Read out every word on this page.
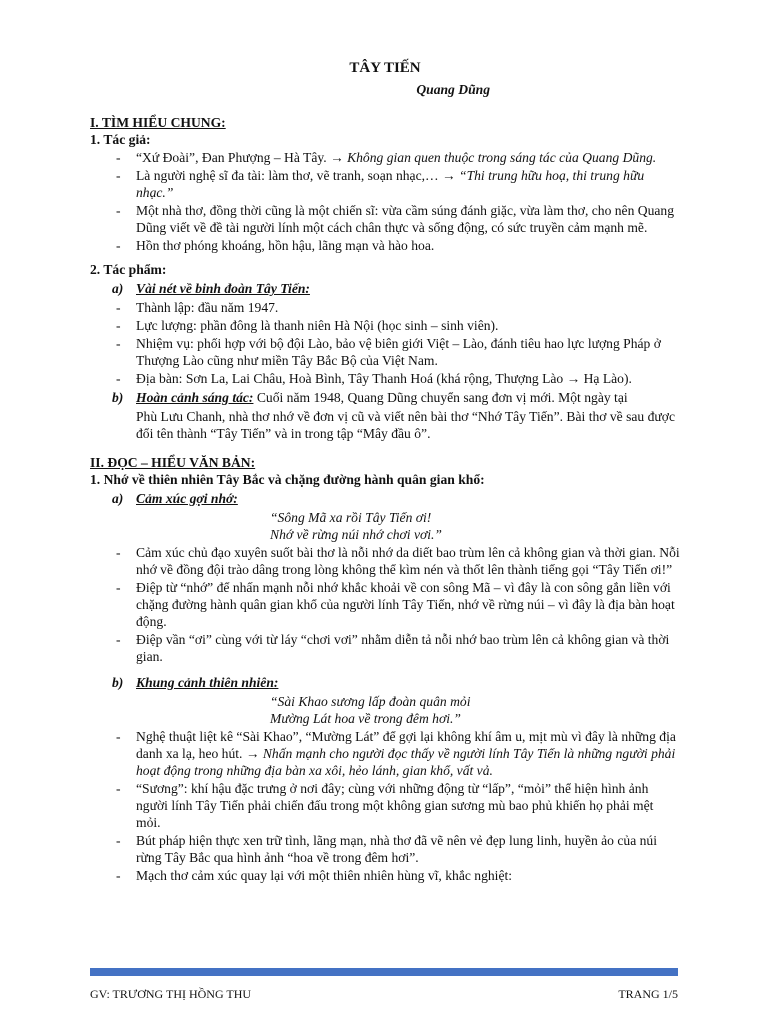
TÂY TIẾN

Quang Dũng

I. TÌM HIỂU CHUNG:

1. Tác giả:

- “Xứ Đoài”, Đan Phượng – Hà Tây. → Không gian quen thuộc trong sáng tác của Quang Dũng.
- Là người nghệ sĩ đa tài: làm thơ, vẽ tranh, soạn nhạc,… → “Thi trung hữu hoạ, thi trung hữu nhạc.”
- Một nhà thơ, đồng thời cũng là một chiến sĩ: vừa cầm súng đánh giặc, vừa làm thơ, cho nên Quang Dũng viết về đề tài người lính một cách chân thực và sống động, có sức truyền cảm mạnh mẽ.
- Hồn thơ phóng khoáng, hồn hậu, lãng mạn và hào hoa.

2. Tác phẩm:

a) Vài nét về binh đoàn Tây Tiến:
- Thành lập: đầu năm 1947.
- Lực lượng: phần đông là thanh niên Hà Nội (học sinh – sinh viên).
- Nhiệm vụ: phối hợp với bộ đội Lào, bảo vệ biên giới Việt – Lào, đánh tiêu hao lực lượng Pháp ở Thượng Lào cũng như miền Tây Bắc Bộ của Việt Nam.
- Địa bàn: Sơn La, Lai Châu, Hoà Bình, Tây Thanh Hoá (khá rộng, Thượng Lào → Hạ Lào).
b) Hoàn cảnh sáng tác: Cuối năm 1948, Quang Dũng chuyển sang đơn vị mới. Một ngày tại
Phù Lưu Chanh, nhà thơ nhớ về đơn vị cũ và viết nên bài thơ “Nhớ Tây Tiến”. Bài thơ về sau được đổi tên thành “Tây Tiến” và in trong tập “Mây đầu ô”.

II. ĐỌC – HIỂU VĂN BẢN:

1. Nhớ về thiên nhiên Tây Bắc và chặng đường hành quân gian khổ:

a) Cảm xúc gợi nhớ:

“Sông Mã xa rồi Tây Tiến ơi!

Nhớ về rừng núi nhớ chơi vơi.”

- Cảm xúc chủ đạo xuyên suốt bài thơ là nỗi nhớ da diết bao trùm lên cả không gian và thời gian. Nỗi nhớ về đồng đội trào dâng trong lòng không thể kìm nén và thốt lên thành tiếng gọi “Tây Tiến ơi!”
- Điệp từ “nhớ” để nhấn mạnh nỗi nhớ khắc khoải về con sông Mã – vì đây là con sông gắn liền với chặng đường hành quân gian khổ của người lính Tây Tiến, nhớ về rừng núi – vì đây là địa bàn hoạt động.
- Điệp vần “ơi” cùng với từ láy “chơi vơi” nhằm diễn tả nỗi nhớ bao trùm lên cả không gian và thời gian.
b) Khung cảnh thiên nhiên:

“Sài Khao sương lấp đoàn quân mỏi

Mường Lát hoa về trong đêm hơi.”

- Nghệ thuật liệt kê “Sài Khao”, “Mường Lát” để gợi lại không khí âm u, mịt mù vì đây là những địa danh xa lạ, heo hút. → Nhấn mạnh cho người đọc thấy về người lính Tây Tiến là những người phải hoạt động trong những địa bàn xa xôi, hẻo lánh, gian khổ, vất vả.
- “Sương”: khí hậu đặc trưng ở nơi đây; cùng với những động từ “lấp”, “mỏi” thể hiện hình ảnh người lính Tây Tiến phải chiến đấu trong một không gian sương mù bao phủ khiến họ phải mệt mỏi.
- Bút pháp hiện thực xen trữ tình, lãng mạn, nhà thơ đã vẽ nên vẻ đẹp lung linh, huyền ảo của núi rừng Tây Bắc qua hình ảnh “hoa về trong đêm hơi”.
- Mạch thơ cảm xúc quay lại với một thiên nhiên hùng vĩ, khắc nghiệt:
GV: TRƯƠNG THỊ HỒNG THU	TRANG 1/5
